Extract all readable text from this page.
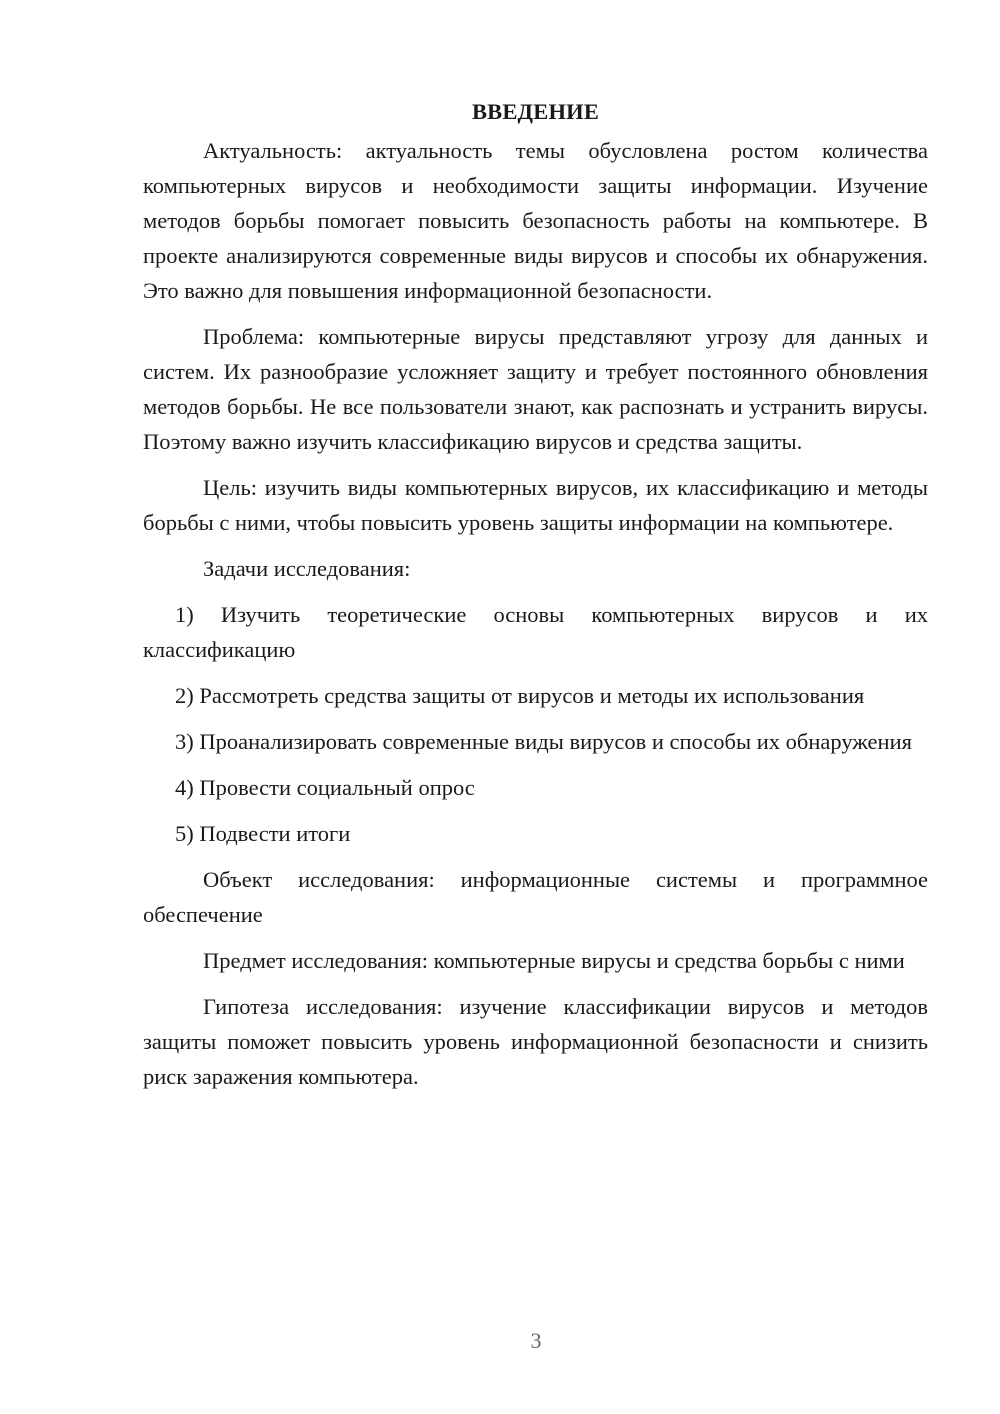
ВВЕДЕНИЕ

Актуальность: актуальность темы обусловлена ростом количества компьютерных вирусов и необходимости защиты информации. Изучение методов борьбы помогает повысить безопасность работы на компьютере. В проекте анализируются современные виды вирусов и способы их обнаружения. Это важно для повышения информационной безопасности.

Проблема: компьютерные вирусы представляют угрозу для данных и систем. Их разнообразие усложняет защиту и требует постоянного обновления методов борьбы. Не все пользователи знают, как распознать и устранить вирусы. Поэтому важно изучить классификацию вирусов и средства защиты.

Цель: изучить виды компьютерных вирусов, их классификацию и методы борьбы с ними, чтобы повысить уровень защиты информации на компьютере.

Задачи исследования:

1) Изучить теоретические основы компьютерных вирусов и их классификацию

2) Рассмотреть средства защиты от вирусов и методы их использования

3) Проанализировать современные виды вирусов и способы их обнаружения

4) Провести социальный опрос

5) Подвести итоги

Объект исследования: информационные системы и программное обеспечение

Предмет исследования: компьютерные вирусы и средства борьбы с ними

Гипотеза исследования: изучение классификации вирусов и методов защиты поможет повысить уровень информационной безопасности и снизить риск заражения компьютера.

3
